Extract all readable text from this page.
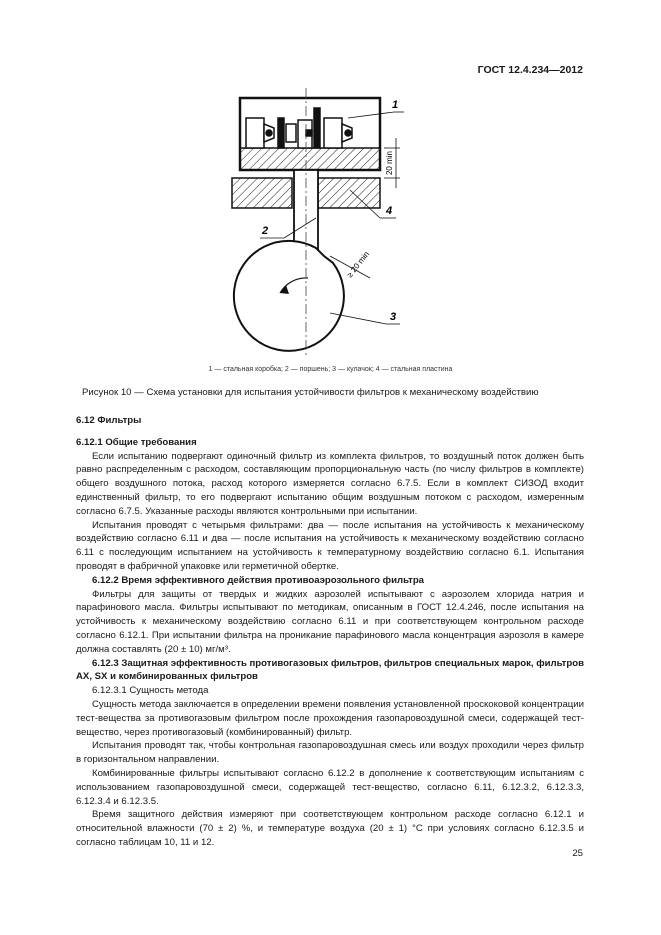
ГОСТ 12.4.234—2012
20 min
≥ 20 min
1
2
3
4
1 — стальная коробка; 2 — поршень; 3 — кулачок; 4 — стальная пластина
Рисунок 10 — Схема установки для испытания устойчивости фильтров к механическому воздействию
6.12 Фильтры
6.12.1 Общие требования

Если испытанию подвергают одиночный фильтр из комплекта фильтров, то воздушный поток должен быть равно распределенным с расходом, составляющим пропорциональную часть (по числу фильтров в комплекте) общего воздушного потока, расход которого измеряется согласно 6.7.5. Если в комплект СИЗОД входит единственный фильтр, то его подвергают испытанию общим воздушным потоком с расходом, измеренным согласно 6.7.5. Указанные расходы являются контрольными при испытании.

Испытания проводят с четырьмя фильтрами: два — после испытания на устойчивость к механическому воздействию согласно 6.11 и два — после испытания на устойчивость к механическому воздействию согласно 6.11 с последующим испытанием на устойчивость к температурному воздействию согласно 6.1. Испытания проводят в фабричной упаковке или герметичной обертке.

6.12.2 Время эффективного действия противоаэрозольного фильтра

Фильтры для защиты от твердых и жидких аэрозолей испытывают с аэрозолем хлорида натрия и парафинового масла. Фильтры испытывают по методикам, описанным в ГОСТ 12.4.246, после испытания на устойчивость к механическому воздействию согласно 6.11 и при соответствующем контрольном расходе согласно 6.12.1. При испытании фильтра на проникание парафинового масла концентрация аэрозоля в камере должна составлять (20 ± 10) мг/м³.

6.12.3 Защитная эффективность противогазовых фильтров, фильтров специальных марок, фильтров АХ, SX и комбинированных фильтров
6.12.3.1 Сущность метода

Сущность метода заключается в определении времени появления установленной проскоковой концентрации тест-вещества за противогазовым фильтром после прохождения газопаровоздушной смеси, содержащей тест-вещество, через противогазовый (комбинированный) фильтр.

Испытания проводят так, чтобы контрольная газопаровоздушная смесь или воздух проходили через фильтр в горизонтальном направлении.

Комбинированные фильтры испытывают согласно 6.12.2 в дополнение к соответствующим испытаниям с использованием газопаровоздушной смеси, содержащей тест-вещество, согласно 6.11, 6.12.3.2, 6.12.3.3, 6.12.3.4 и 6.12.3.5.

Время защитного действия измеряют при соответствующем контрольном расходе согласно 6.12.1 и относительной влажности (70 ± 2) %, и температуре воздуха (20 ± 1) °С при условиях согласно 6.12.3.5 и согласно таблицам 10, 11 и 12.

25
